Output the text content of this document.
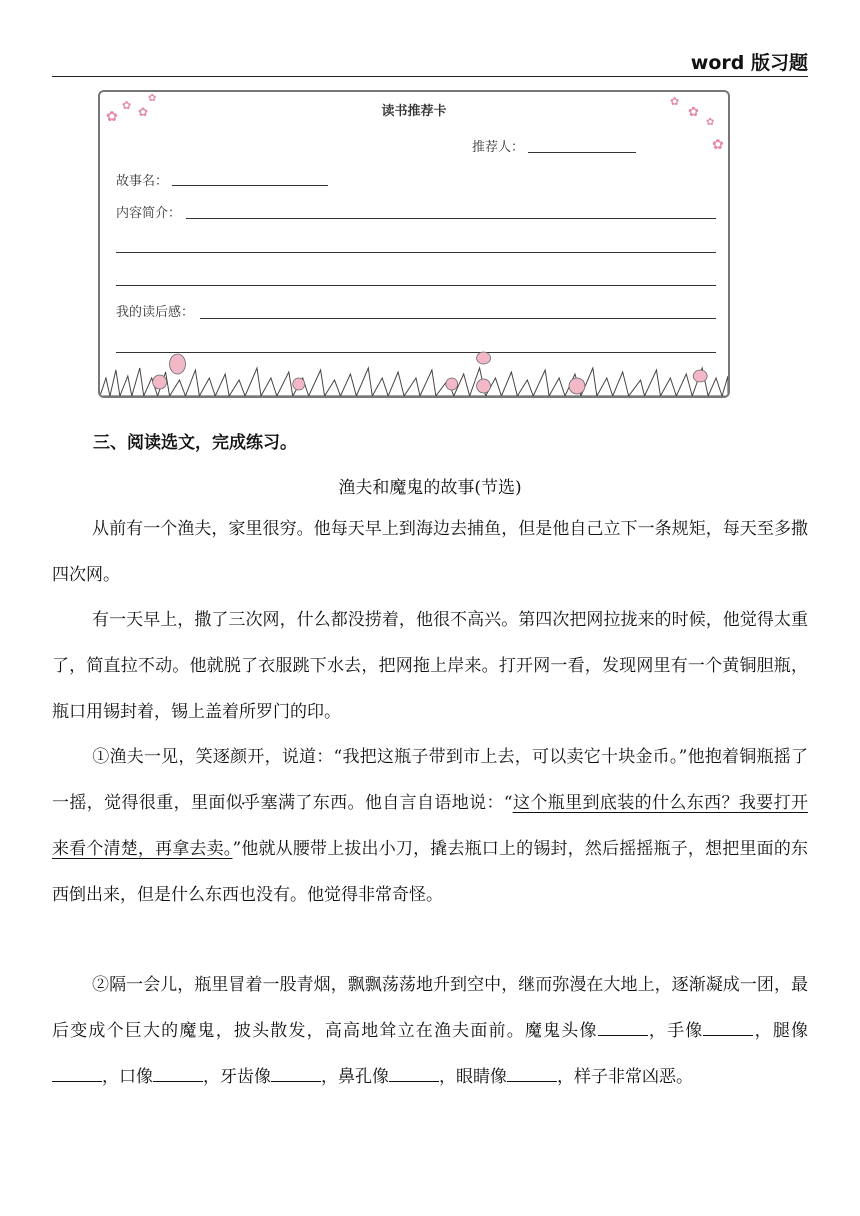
word 版习题
✿
✿ ✿
✿	✿
✿
✿
✿
读书推荐卡
推荐人：
故事名：
内容简介：
我的读后感：
三、阅读选文，完成练习。
渔夫和魔鬼的故事(节选)

从前有一个渔夫，家里很穷。他每天早上到海边去捕鱼，但是他自己立下一条规矩，每天至多撒四次网。

有一天早上，撒了三次网，什么都没捞着，他很不高兴。第四次把网拉拢来的时候，他觉得太重了，简直拉不动。他就脱了衣服跳下水去，把网拖上岸来。打开网一看，发现网里有一个黄铜胆瓶，瓶口用锡封着，锡上盖着所罗门的印。

①渔夫一见，笑逐颜开，说道：“我把这瓶子带到市上去，可以卖它十块金币。”他抱着铜瓶摇了一摇，觉得很重，里面似乎 ·塞满了东西。他自言自语地说：“这个瓶里到底装的什么东西？我要打开来看个清楚，再拿去卖。”他就从腰带上拔出小刀，撬去瓶口上的锡封，然后摇摇瓶子，想把里面的东西倒出来，但是什么东西也没有。他觉得非常奇怪。

②隔一会儿，瓶里冒着一股青烟，飘飘荡荡地升到空中，继而弥漫在大地上，逐渐凝成一团，最后变成个巨大的魔鬼，披头散发，高高地耸立在渔夫面前。魔鬼头像	，手像	，腿像，口像	，牙齿像	，鼻孔像	，眼睛像	，样子非常凶恶。
